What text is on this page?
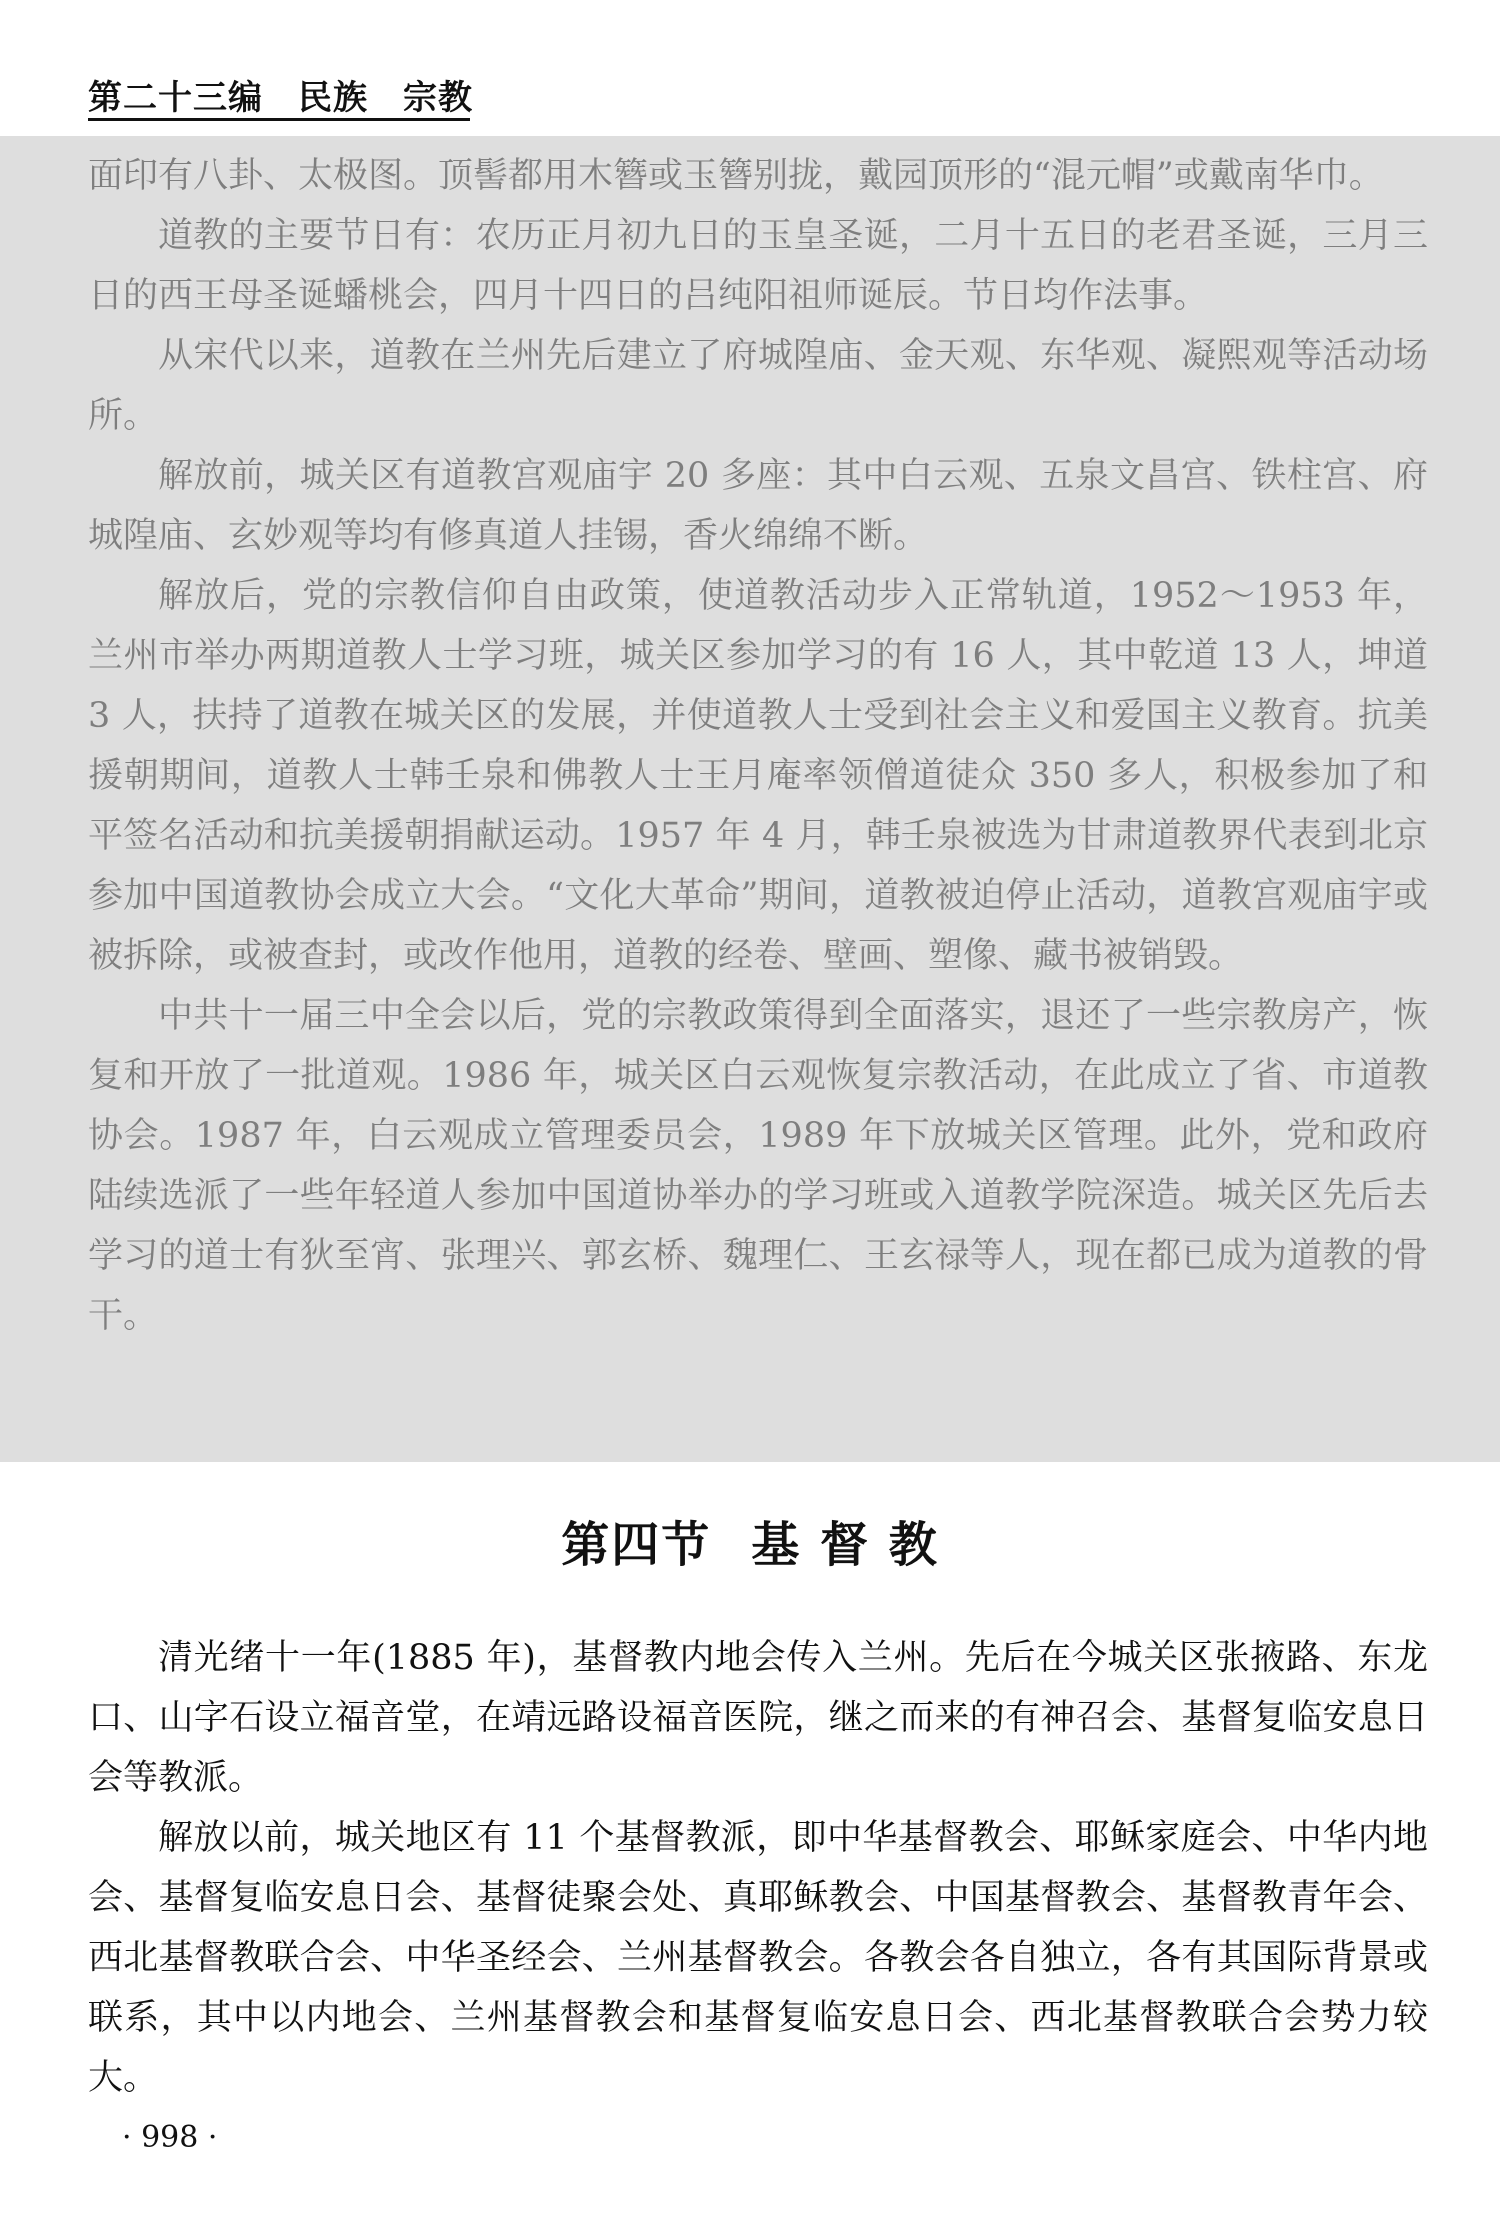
第二十三编　民族　宗教

面印有八卦、太极图。顶髻都用木簪或玉簪别拢，戴园顶形的“混元帽”或戴南华巾。

道教的主要节日有：农历正月初九日的玉皇圣诞，二月十五日的老君圣诞，三月三日的西王母圣诞蟠桃会，四月十四日的吕纯阳祖师诞辰。节日均作法事。

从宋代以来，道教在兰州先后建立了府城隍庙、金天观、东华观、凝熙观等活动场所。

解放前，城关区有道教宫观庙宇 20 多座：其中白云观、五泉文昌宫、铁柱宫、府城隍庙、玄妙观等均有修真道人挂锡，香火绵绵不断。

解放后，党的宗教信仰自由政策，使道教活动步入正常轨道，1952～1953 年，兰州市举办两期道教人士学习班，城关区参加学习的有 16 人，其中乾道 13 人，坤道 3 人，扶持了道教在城关区的发展，并使道教人士受到社会主义和爱国主义教育。抗美援朝期间，道教人士韩壬泉和佛教人士王月庵率领僧道徒众 350 多人，积极参加了和平签名活动和抗美援朝捐献运动。1957 年 4 月，韩壬泉被选为甘肃道教界代表到北京参加中国道教协会成立大会。“文化大革命”期间，道教被迫停止活动，道教宫观庙宇或被拆除，或被查封，或改作他用，道教的经卷、壁画、塑像、藏书被销毁。

中共十一届三中全会以后，党的宗教政策得到全面落实，退还了一些宗教房产，恢复和开放了一批道观。1986 年，城关区白云观恢复宗教活动，在此成立了省、市道教协会。1987 年，白云观成立管理委员会，1989 年下放城关区管理。此外，党和政府陆续选派了一些年轻道人参加中国道协举办的学习班或入道教学院深造。城关区先后去学习的道士有狄至宵、张理兴、郭玄桥、魏理仁、王玄禄等人，现在都已成为道教的骨干。

第四节 基 督 教

清光绪十一年(1885 年)，基督教内地会传入兰州。先后在今城关区张掖路、东龙口、山字石设立福音堂，在靖远路设福音医院，继之而来的有神召会、基督复临安息日会等教派。

解放以前，城关地区有 11 个基督教派，即中华基督教会、耶稣家庭会、中华内地会、基督复临安息日会、基督徒聚会处、真耶稣教会、中国基督教会、基督教青年会、西北基督教联合会、中华圣经会、兰州基督教会。各教会各自独立，各有其国际背景或联系，其中以内地会、兰州基督教会和基督复临安息日会、西北基督教联合会势力较大。

· 998 ·
